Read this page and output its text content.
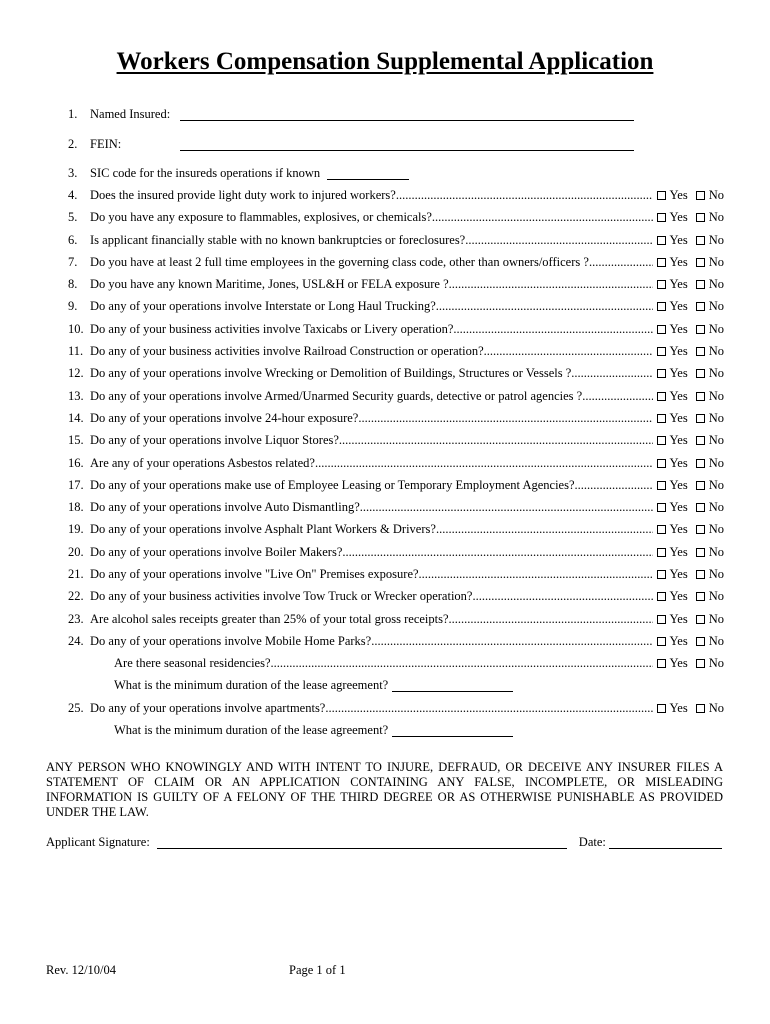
Workers Compensation Supplemental Application
1.	Named Insured:
2.	FEIN:
3.	SIC code for the insureds operations if known
4.	Does the insured provide light duty work to injured workers? .....	Yes No
5.	Do you have any exposure to flammables, explosives, or chemicals? .....	Yes No
6.	Is applicant financially stable with no known bankruptcies or foreclosures? .....	Yes No
7.	Do you have at least 2 full time employees in the governing class code, other than owners/officers ? .....	Yes No
8.	Do you have any known Maritime, Jones, USL&H or FELA exposure ? .....	Yes No
9.	Do any of your operations involve Interstate or Long Haul Trucking? .....	Yes No
10. Do any of your business activities involve Taxicabs or Livery operation? .....	Yes No
11. Do any of your business activities involve Railroad Construction or operation? .....	Yes No
12. Do any of your operations involve Wrecking or Demolition of Buildings, Structures or Vessels ? .....	Yes No
13. Do any of your operations involve Armed/Unarmed Security guards, detective or patrol agencies ? .....	Yes No
14. Do any of your operations involve 24-hour exposure? .....	Yes No
15. Do any of your operations involve Liquor Stores? .....	Yes No
16. Are any of your operations Asbestos related? .....	Yes No
17. Do any of your operations make use of Employee Leasing or Temporary Employment Agencies? .....	Yes No
18. Do any of your operations involve Auto Dismantling? .....	Yes No
19. Do any of your operations involve Asphalt Plant Workers & Drivers? .....	Yes No
20. Do any of your operations involve Boiler Makers? .....	Yes No
21. Do any of your operations involve "Live On" Premises exposure? .....	Yes No
22. Do any of your business activities involve Tow Truck or Wrecker operation? .....	Yes No
23. Are alcohol sales receipts greater than 25% of your total gross receipts? .....	Yes No
24. Do any of your operations involve Mobile Home Parks? .....	Yes No
Are there seasonal residencies? .....	Yes No
What is the minimum duration of the lease agreement?
25. Do any of your operations involve apartments? .....	Yes No
What is the minimum duration of the lease agreement?
ANY PERSON WHO KNOWINGLY AND WITH INTENT TO INJURE, DEFRAUD, OR DECEIVE ANY INSURER FILES A STATEMENT OF CLAIM OR AN APPLICATION CONTAINING ANY FALSE, INCOMPLETE, OR MISLEADING INFORMATION IS GUILTY OF A FELONY OF THE THIRD DEGREE OR AS OTHERWISE PUNISHABLE AS PROVIDED UNDER THE LAW.
Applicant Signature:	Date:
Rev. 12/10/04	Page 1 of 1
